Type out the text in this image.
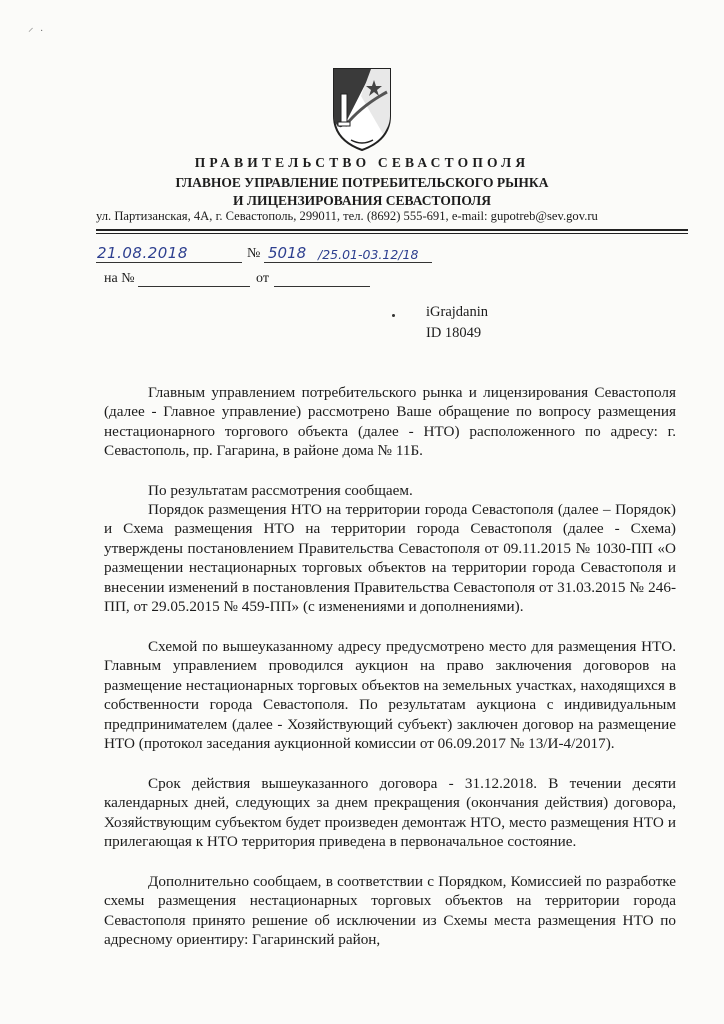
⸝ .
ПРАВИТЕЛЬСТВО СЕВАСТОПОЛЯ
ГЛАВНОЕ УПРАВЛЕНИЕ ПОТРЕБИТЕЛЬСКОГО РЫНКА
И ЛИЦЕНЗИРОВАНИЯ СЕВАСТОПОЛЯ
ул. Партизанская, 4А, г. Севастополь, 299011, тел. (8692) 555-691, e-mail: gupotreb@sev.gov.ru
21.08.2018	№ 5018 /25.01-03.12/18
на №	от
iGrajdanin
ID 18049

Главным управлением потребительского рынка и лицензирования Севастополя (далее - Главное управление) рассмотрено Ваше обращение по вопросу размещения нестационарного торгового объекта (далее - НТО) расположенного по адресу: г. Севастополь, пр. Гагарина, в районе дома № 11Б.

По результатам рассмотрения сообщаем.

Порядок размещения НТО на территории города Севастополя (далее – Порядок) и Схема размещения НТО на территории города Севастополя (далее - Схема) утверждены постановлением Правительства Севастополя от 09.11.2015 № 1030-ПП «О размещении нестационарных торговых объектов на территории города Севастополя и внесении изменений в постановления Правительства Севастополя от 31.03.2015 № 246-ПП, от 29.05.2015 № 459-ПП» (с изменениями и дополнениями).

Схемой по вышеуказанному адресу предусмотрено место для размещения НТО. Главным управлением проводился аукцион на право заключения договоров на размещение нестационарных торговых объектов на земельных участках, находящихся в собственности города Севастополя. По результатам аукциона с индивидуальным предпринимателем (далее - Хозяйствующий субъект) заключен договор на размещение НТО (протокол заседания аукционной комиссии от 06.09.2017 № 13/И-4/2017).

Срок действия вышеуказанного договора - 31.12.2018. В течении десяти календарных дней, следующих за днем прекращения (окончания действия) договора, Хозяйствующим субъектом будет произведен демонтаж НТО, место размещения НТО и прилегающая к НТО территория приведена в первоначальное состояние.

Дополнительно сообщаем, в соответствии с Порядком, Комиссией по разработке схемы размещения нестационарных торговых объектов на территории города Севастополя принято решение об исключении из Схемы места размещения НТО по адресному ориентиру: Гагаринский район,
